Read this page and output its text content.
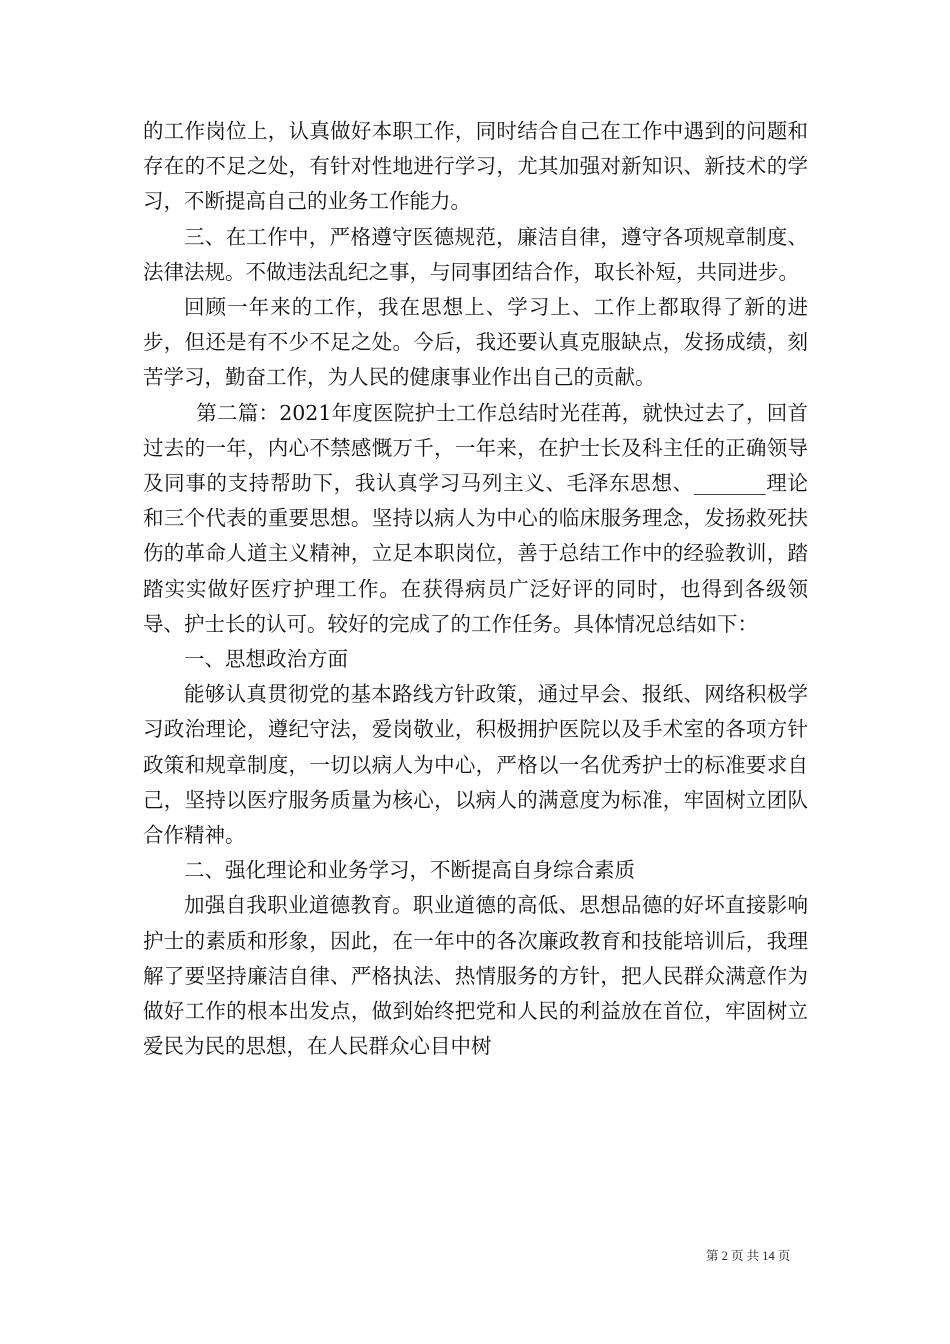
的工作岗位上，认真做好本职工作，同时结合自己在工作中遇到的问题和存在的不足之处，有针对性地进行学习，尤其加强对新知识、新技术的学习，不断提高自己的业务工作能力。

三、在工作中，严格遵守医德规范，廉洁自律，遵守各项规章制度、法律法规。不做违法乱纪之事，与同事团结合作，取长补短，共同进步。

回顾一年来的工作，我在思想上、学习上、工作上都取得了新的进步，但还是有不少不足之处。今后，我还要认真克服缺点，发扬成绩，刻苦学习，勤奋工作，为人民的健康事业作出自己的贡献。

第二篇：2021年度医院护士工作总结时光荏苒，就快过去了，回首过去的一年，内心不禁感慨万千，一年来，在护士长及科主任的正确领导及同事的支持帮助下，我认真学习马列主义、毛泽东思想、_______理论和三个代表的重要思想。坚持以病人为中心的临床服务理念，发扬救死扶伤的革命人道主义精神，立足本职岗位，善于总结工作中的经验教训，踏踏实实做好医疗护理工作。在获得病员广泛好评的同时，也得到各级领导、护士长的认可。较好的完成了的工作任务。具体情况总结如下：

一、思想政治方面

能够认真贯彻党的基本路线方针政策，通过早会、报纸、网络积极学习政治理论，遵纪守法，爱岗敬业，积极拥护医院以及手术室的各项方针政策和规章制度，一切以病人为中心，严格以一名优秀护士的标准要求自己，坚持以医疗服务质量为核心，以病人的满意度为标准，牢固树立团队合作精神。

二、强化理论和业务学习，不断提高自身综合素质

加强自我职业道德教育。职业道德的高低、思想品德的好坏直接影响护士的素质和形象，因此，在一年中的各次廉政教育和技能培训后，我理解了要坚持廉洁自律、严格执法、热情服务的方针，把人民群众满意作为做好工作的根本出发点，做到始终把党和人民的利益放在首位，牢固树立爱民为民的思想，在人民群众心目中树

第 2 页 共 14 页
